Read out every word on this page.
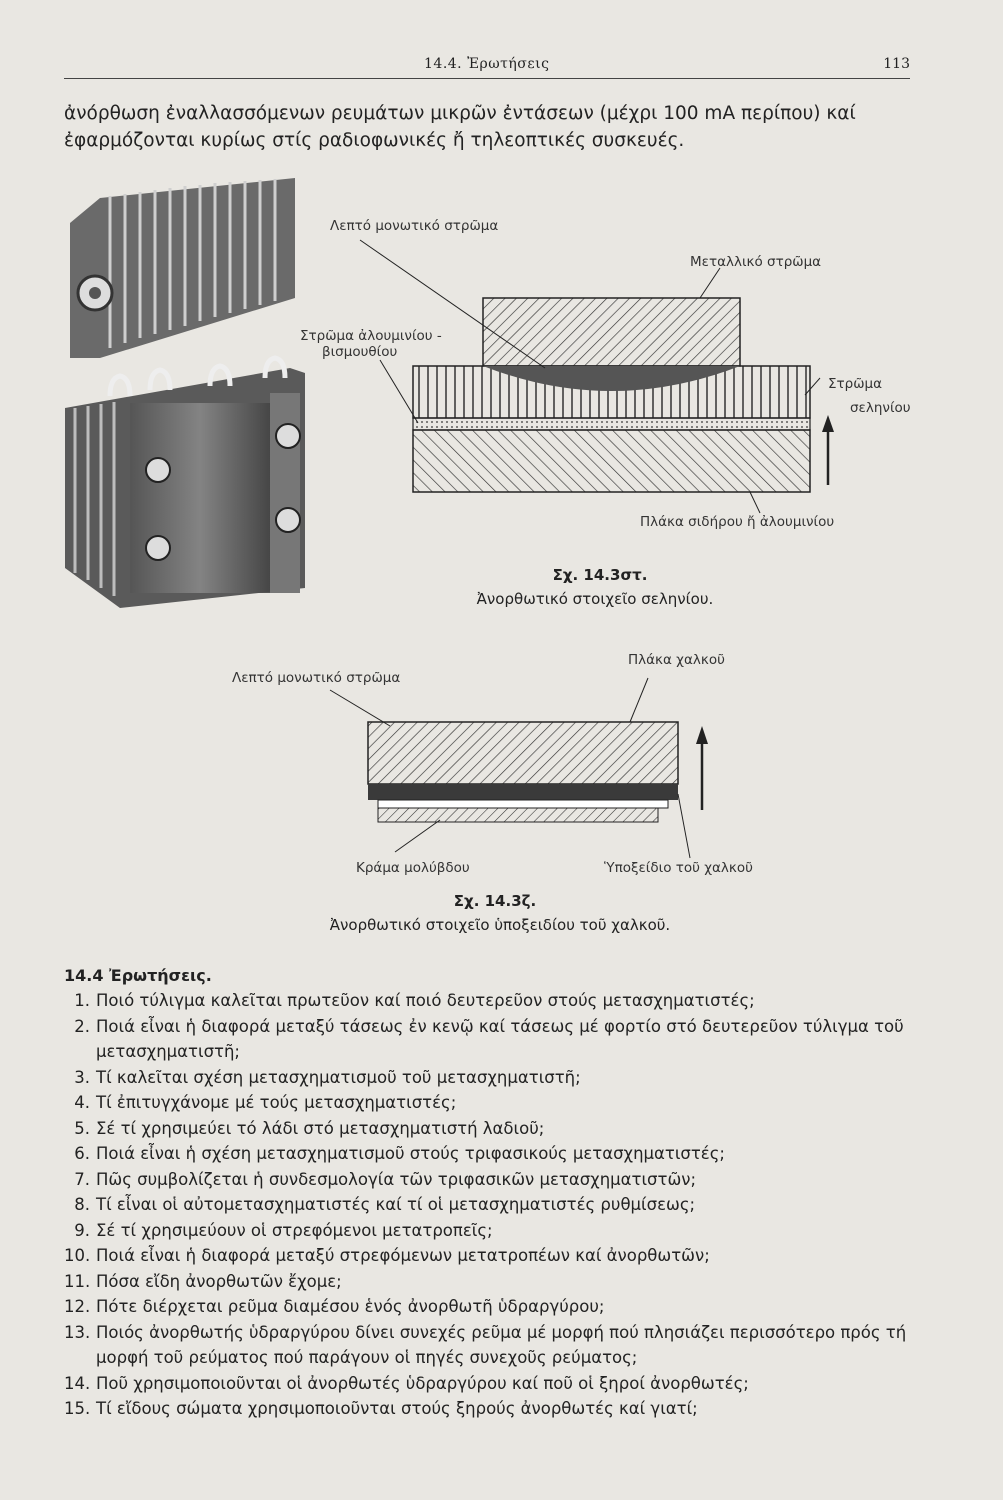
14.4. Ἐρωτήσεις	113
ἀνόρθωση ἐναλλασσόμενων ρευμάτων μικρῶν ἐντάσεων (μέχρι 100 mA περίπου) καί ἐφαρμόζονται κυρίως στίς ραδιοφωνικές ἤ τηλεοπτικές συσκευές.
Λεπτό μονωτικό στρῶμα
Μεταλλικό στρῶμα
Στρῶμα ἀλουμινίου -
βισμουθίου
Στρῶμα
σεληνίου
Πλάκα σιδήρου ἤ ἀλουμινίου
Σχ. 14.3στ.
Ἀνορθωτικό στοιχεῖο σεληνίου.
Λεπτό μονωτικό στρῶμα
Πλάκα χαλκοῦ
Κράμα μολύβδου	Ὑποξείδιο τοῦ χαλκοῦ
Σχ. 14.3ζ.
Ἀνορθωτικό στοιχεῖο ὑποξειδίου τοῦ χαλκοῦ.
14.4 Ἐρωτήσεις.
1. Ποιό τύλιγμα καλεῖται πρωτεῦον καί ποιό δευτερεῦον στούς μετασχηματιστές;
2. Ποιά εἶναι ἡ διαφορά μεταξύ τάσεως ἐν κενῷ καί τάσεως μέ φορτίο στό δευτερεῦον τύλιγμα τοῦ μετασχηματιστῆ;
3. Τί καλεῖται σχέση μετασχηματισμοῦ τοῦ μετασχηματιστῆ;
4. Τί ἐπιτυγχάνομε μέ τούς μετασχηματιστές;
5. Σέ τί χρησιμεύει τό λάδι στό μετασχηματιστή λαδιοῦ;
6. Ποιά εἶναι ἡ σχέση μετασχηματισμοῦ στούς τριφασικούς μετασχηματιστές;
7. Πῶς συμβολίζεται ἡ συνδεσμολογία τῶν τριφασικῶν μετασχηματιστῶν;
8. Τί εἶναι οἱ αὐτομετασχηματιστές καί τί οἱ μετασχηματιστές ρυθμίσεως;
9. Σέ τί χρησιμεύουν οἱ στρεφόμενοι μετατροπεῖς;
10. Ποιά εἶναι ἡ διαφορά μεταξύ στρεφόμενων μετατροπέων καί ἀνορθωτῶν;
11. Πόσα εἴδη ἀνορθωτῶν ἔχομε;
12. Πότε διέρχεται ρεῦμα διαμέσου ἑνός ἀνορθωτῆ ὑδραργύρου;
13. Ποιός ἀνορθωτής ὑδραργύρου δίνει συνεχές ρεῦμα μέ μορφή πού πλησιάζει περισσότερο πρός τή μορφή τοῦ ρεύματος πού παράγουν οἱ πηγές συνεχοῦς ρεύματος;
14. Ποῦ χρησιμοποιοῦνται οἱ ἀνορθωτές ὑδραργύρου καί ποῦ οἱ ξηροί ἀνορθωτές;
15. Τί εἴδους σώματα χρησιμοποιοῦνται στούς ξηρούς ἀνορθωτές καί γιατί;
